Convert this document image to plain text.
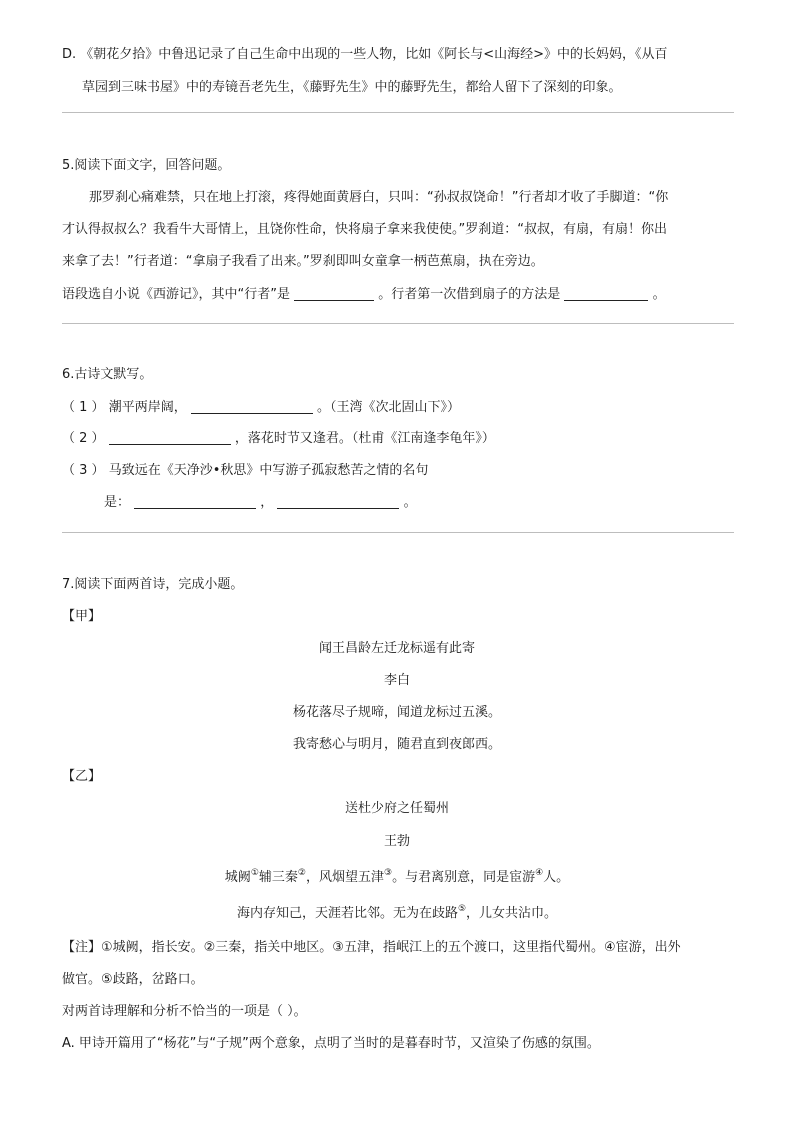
D. 《朝花夕拾》中鲁迅记录了自己生命中出现的一些人物，比如《阿长与<山海经>》中的长妈妈，《从百
草园到三味书屋》中的寿镜吾老先生，《藤野先生》中的藤野先生，都给人留下了深刻的印象。
5.阅读下面文字，回答问题。
那罗刹心痛难禁，只在地上打滚，疼得她面黄唇白，只叫：“孙叔叔饶命！”行者却才收了手脚道：“你
才认得叔叔么？我看牛大哥情上，且饶你性命，快将扇子拿来我使使。”罗刹道：“叔叔，有扇，有扇！你出
来拿了去！”行者道：“拿扇子我看了出来。”罗刹即叫女童拿一柄芭蕉扇，执在旁边。
语段选自小说《西游记》，其中“行者”是	。行者第一次借到扇子的方法是	。
6.古诗文默写。
（ 1 ） 潮平两岸阔，	。（王湾《次北固山下》）
（ 2 ）	，落花时节又逢君。（杜甫《江南逢李龟年》）
（ 3 ） 马致远在《天净沙•秋思》中写游子孤寂愁苦之情的名句
是：	，	。
7.阅读下面两首诗，完成小题。
【甲】
闻王昌龄左迁龙标遥有此寄
李白
杨花落尽子规啼，闻道龙标过五溪。
我寄愁心与明月，随君直到夜郎西。
【乙】
送杜少府之任蜀州
王勃
城阙①辅三秦②，风烟望五津③。与君离别意，同是宦游④人。
海内存知己，天涯若比邻。无为在歧路⑤，儿女共沾巾。
【注】①城阙，指长安。②三秦，指关中地区。③五津，指岷江上的五个渡口，这里指代蜀州。④宦游，出外
做官。⑤歧路，岔路口。
对两首诗理解和分析不恰当的一项是（ ）。
A. 甲诗开篇用了“杨花”与“子规”两个意象，点明了当时的是暮春时节，又渲染了伤感的氛围。
